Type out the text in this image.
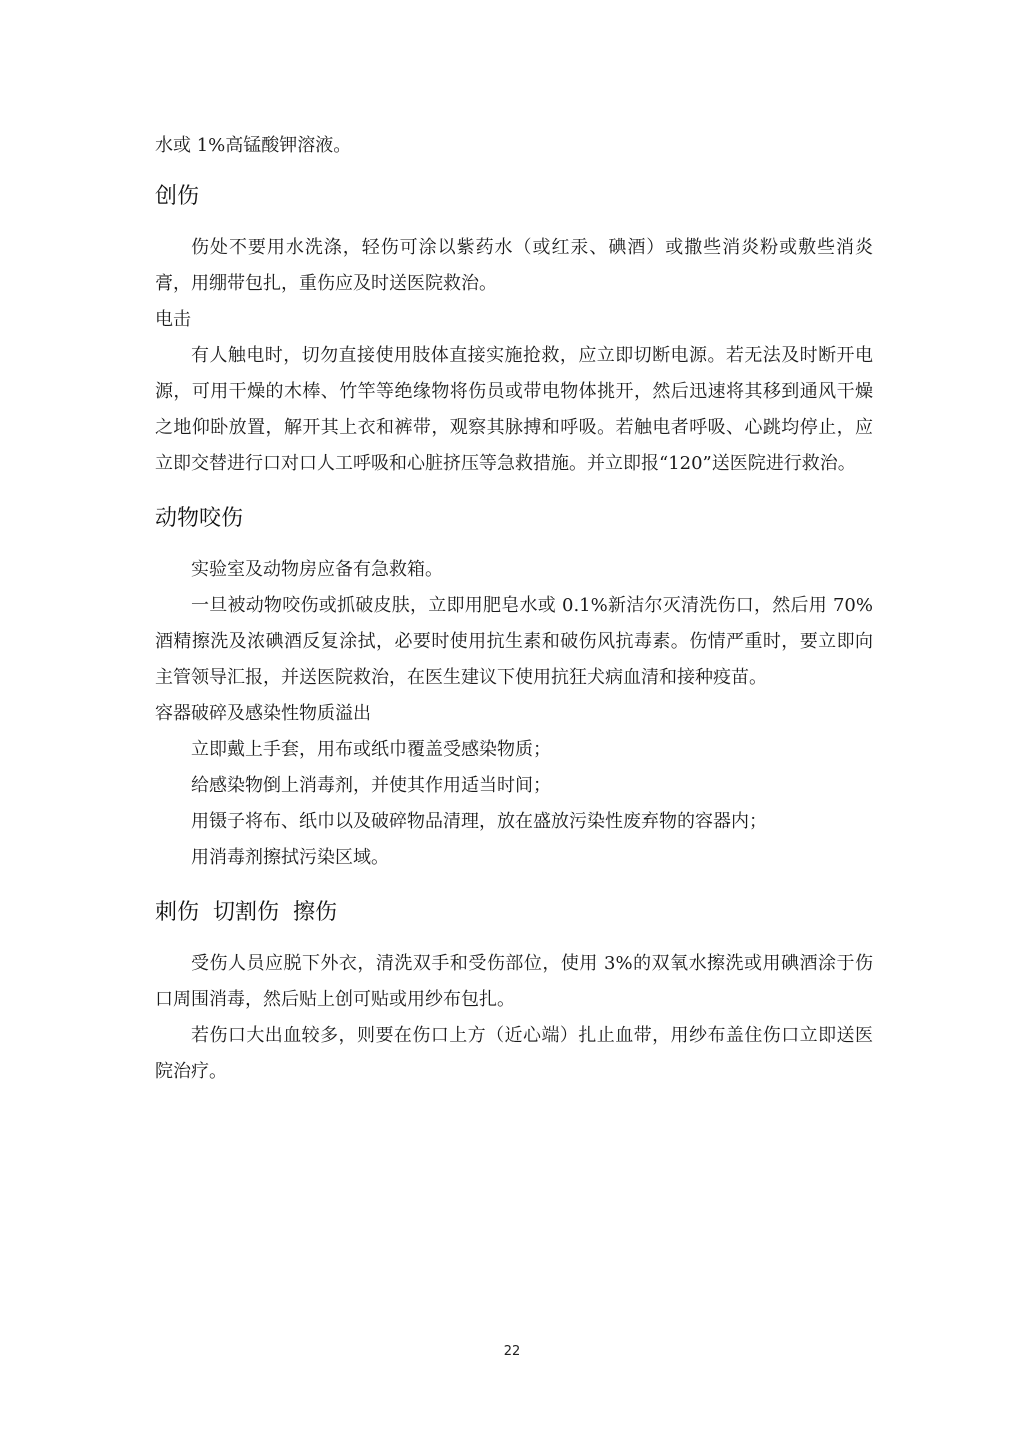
水或 1%高锰酸钾溶液。

创伤

伤处不要用水洗涤，轻伤可涂以紫药水（或红汞、碘酒）或撒些消炎粉或敷些消炎膏，用绷带包扎，重伤应及时送医院救治。

电击

有人触电时，切勿直接使用肢体直接实施抢救，应立即切断电源。若无法及时断开电源，可用干燥的木棒、竹竿等绝缘物将伤员或带电物体挑开，然后迅速将其移到通风干燥之地仰卧放置，解开其上衣和裤带，观察其脉搏和呼吸。若触电者呼吸、心跳均停止，应立即交替进行口对口人工呼吸和心脏挤压等急救措施。并立即报“120”送医院进行救治。

动物咬伤

实验室及动物房应备有急救箱。

一旦被动物咬伤或抓破皮肤，立即用肥皂水或 0.1%新洁尔灭清洗伤口，然后用 70%酒精擦洗及浓碘酒反复涂拭，必要时使用抗生素和破伤风抗毒素。伤情严重时，要立即向主管领导汇报，并送医院救治，在医生建议下使用抗狂犬病血清和接种疫苗。

容器破碎及感染性物质溢出

立即戴上手套，用布或纸巾覆盖受感染物质；

给感染物倒上消毒剂，并使其作用适当时间；

用镊子将布、纸巾以及破碎物品清理，放在盛放污染性废弃物的容器内；

用消毒剂擦拭污染区域。

刺伤  切割伤  擦伤

受伤人员应脱下外衣，清洗双手和受伤部位，使用 3%的双氧水擦洗或用碘酒涂于伤口周围消毒，然后贴上创可贴或用纱布包扎。

若伤口大出血较多，则要在伤口上方（近心端）扎止血带，用纱布盖住伤口立即送医院治疗。

22
